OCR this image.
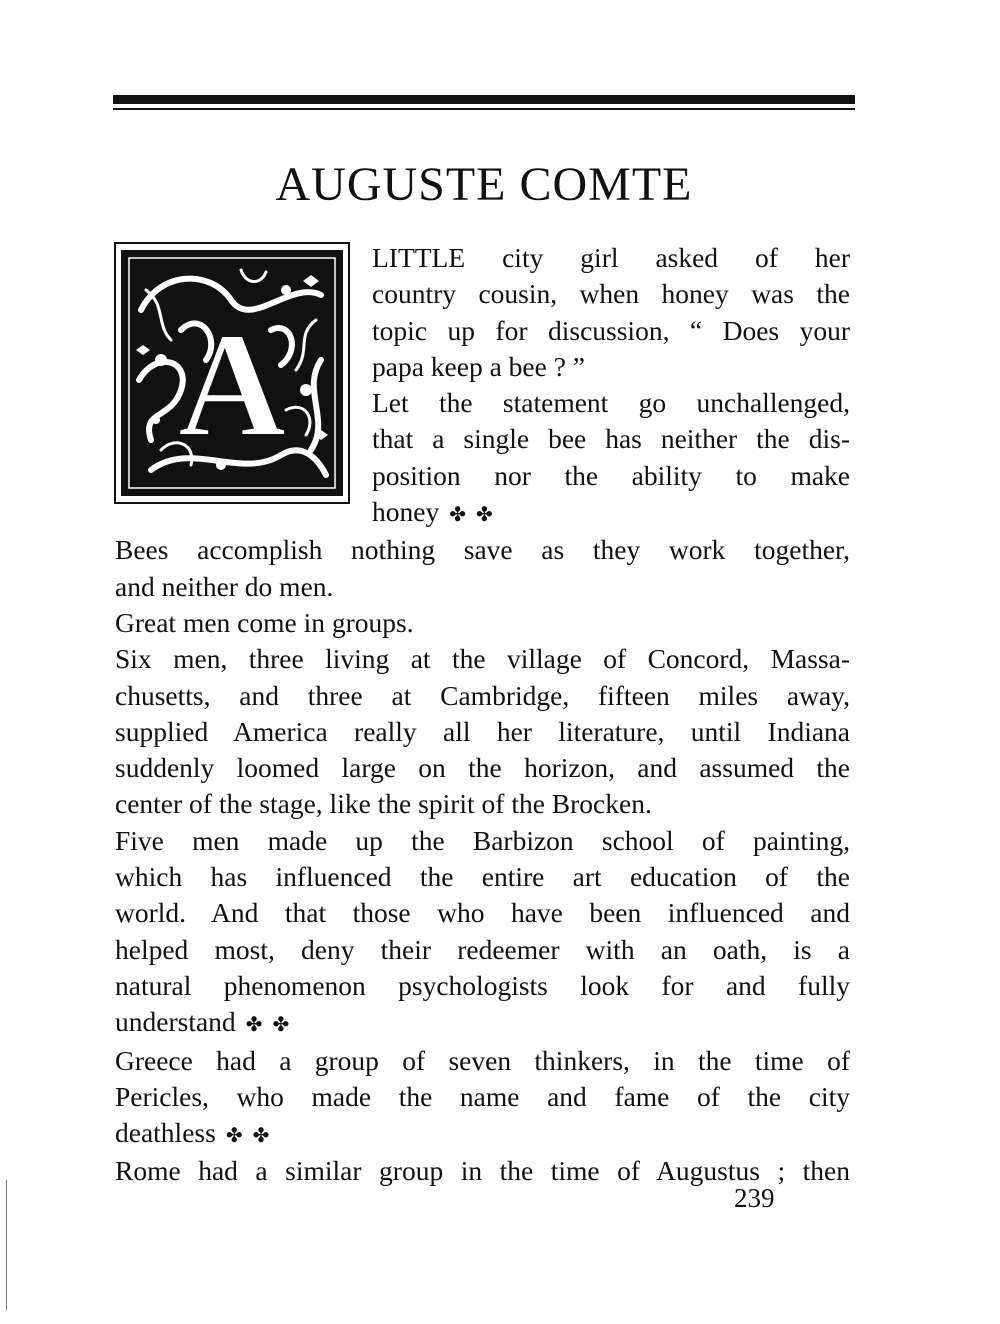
AUGUSTE COMTE
A

LITTLE city girl asked of her
country cousin, when honey was the
topic up for discussion, “ Does your
papa keep a bee ? ”

Let the statement go unchallenged,
that a single bee has neither the dis-
position nor the ability to make
honey ✤ ✤

Bees accomplish nothing save as they work together,
and neither do men.

Great men come in groups.

Six men, three living at the village of Concord, Massa-
chusetts, and three at Cambridge, fifteen miles away,
supplied America really all her literature, until Indiana
suddenly loomed large on the horizon, and assumed the
center of the stage, like the spirit of the Brocken.

Five men made up the Barbizon school of painting,
which has influenced the entire art education of the
world. And that those who have been influenced and
helped most, deny their redeemer with an oath, is a
natural phenomenon psychologists look for and fully
understand ✤ ✤

Greece had a group of seven thinkers, in the time of
Pericles, who made the name and fame of the city
deathless ✤ ✤

Rome had a similar group in the time of Augustus ; then

239
